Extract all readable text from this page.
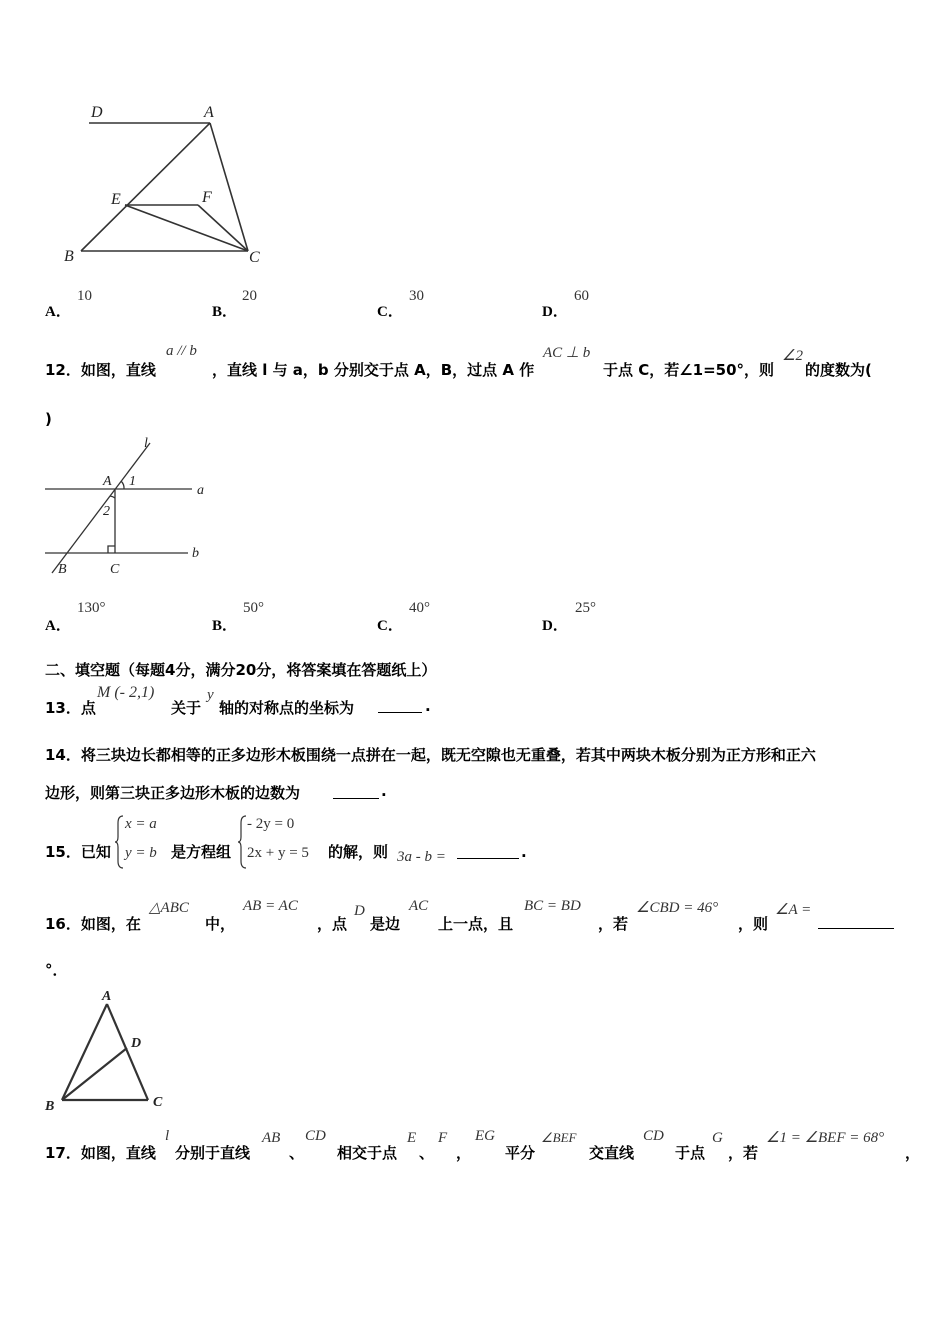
D	A
E	F
B	C
A．
10
B．
20
C．
30
D．
60
12．如图，直线
a // b
，直线 l 与 a，b 分别交于点 A，B，过点 A 作
AC ⊥ b
于点 C，若∠1=50°，则
∠2
的度数为(
)
l
A 1
a
2
B	C
b
A．
130°
B．
50°
C．
40°
D．
25°
二、填空题（每题4分，满分20分，将答案填在答题纸上）
13．点
M (- 2,1)
关于
y
轴的对称点的坐标为	.
14．将三块边长都相等的正多边形木板围绕一点拼在一起，既无空隙也无重叠，若其中两块木板分别为正方形和正六
边形，则第三块正多边形木板的边数为	.
15．已知
x = a
y = b 是方程组
- 2y = 0
2x + y = 5 的解，则 3a - b =	.
16．如图，在
△ABC
中，
AB = AC
，点
D
是边
AC
上一点，且
BC = BD
，若
∠CBD = 46°
，则
∠A =
°．
A
D
B	C
17．如图，直线
l
分别于直线
AB
、
CD
相交于点
E
、
F
，
EG
平分
∠BEF
交直线
CD
于点
G
，若
∠1 = ∠BEF = 68°
，
